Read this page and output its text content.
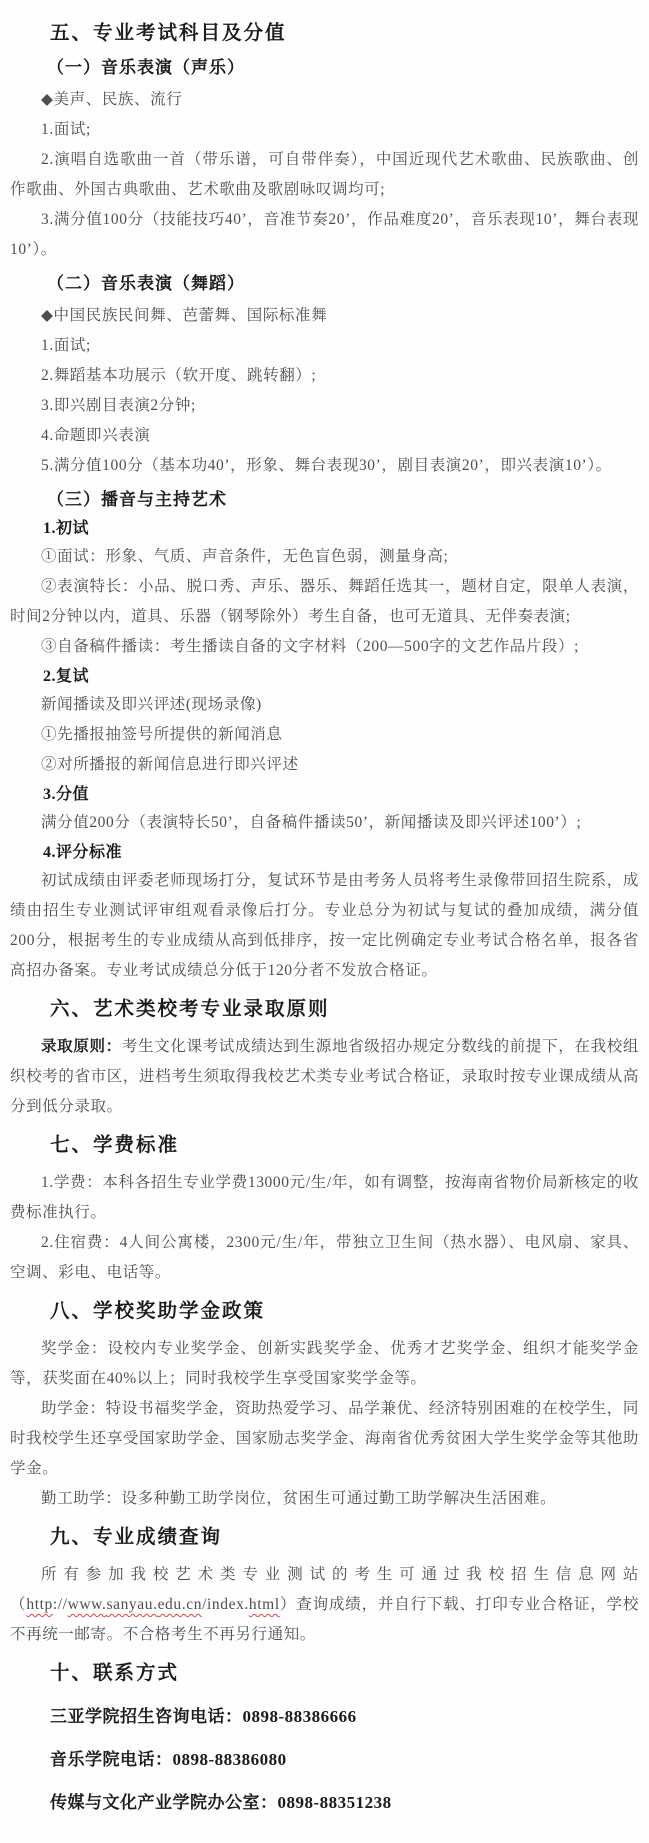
五、专业考试科目及分值
（一）音乐表演（声乐）

◆美声、民族、流行

1.面试;

2.演唱自选歌曲一首（带乐谱，可自带伴奏），中国近现代艺术歌曲、民族歌曲、创作歌曲、外国古典歌曲、艺术歌曲及歌剧咏叹调均可;

3.满分值100分（技能技巧40’，音准节奏20’，作品难度20’，音乐表现10’，舞台表现10’）。

（二）音乐表演（舞蹈）

◆中国民族民间舞、芭蕾舞、国际标准舞

1.面试;

2.舞蹈基本功展示（软开度、跳转翻）;

3.即兴剧目表演2分钟;

4.命题即兴表演

5.满分值100分（基本功40’，形象、舞台表现30’，剧目表演20’，即兴表演10’）。

（三）播音与主持艺术
1.初试

①面试：形象、气质、声音条件，无色盲色弱，测量身高;

②表演特长：小品、脱口秀、声乐、器乐、舞蹈任选其一，题材自定，限单人表演，时间2分钟以内，道具、乐器（钢琴除外）考生自备，也可无道具、无伴奏表演;

③自备稿件播读：考生播读自备的文字材料（200—500字的文艺作品片段）;

2.复试

新闻播读及即兴评述(现场录像)

①先播报抽签号所提供的新闻消息

②对所播报的新闻信息进行即兴评述

3.分值

满分值200分（表演特长50’，自备稿件播读50’，新闻播读及即兴评述100’）;

4.评分标准

初试成绩由评委老师现场打分，复试环节是由考务人员将考生录像带回招生院系，成绩由招生专业测试评审组观看录像后打分。专业总分为初试与复试的叠加成绩，满分值200分，根据考生的专业成绩从高到低排序，按一定比例确定专业考试合格名单，报各省高招办备案。专业考试成绩总分低于120分者不发放合格证。

六、艺术类校考专业录取原则

录取原则：考生文化课考试成绩达到生源地省级招办规定分数线的前提下，在我校组织校考的省市区，进档考生须取得我校艺术类专业考试合格证，录取时按专业课成绩从高分到低分录取。

七、学费标准

1.学费：本科各招生专业学费13000元/生/年，如有调整，按海南省物价局新核定的收费标准执行。

2.住宿费：4人间公寓楼，2300元/生/年，带独立卫生间（热水器）、电风扇、家具、空调、彩电、电话等。

八、学校奖助学金政策

奖学金：设校内专业奖学金、创新实践奖学金、优秀才艺奖学金、组织才能奖学金等，获奖面在40%以上；同时我校学生享受国家奖学金等。

助学金：特设书福奖学金，资助热爱学习、品学兼优、经济特别困难的在校学生，同时我校学生还享受国家助学金、国家励志奖学金、海南省优秀贫困大学生奖学金等其他助学金。

勤工助学：设多种勤工助学岗位，贫困生可通过勤工助学解决生活困难。

九、专业成绩查询

所有参加我校艺术类专业测试的考生可通过我校招生信息网站（http://www.sanyau.edu.cn/index.html）查询成绩，并自行下载、打印专业合格证，学校不再统一邮寄。不合格考生不再另行通知。

十、联系方式

三亚学院招生咨询电话：0898-88386666

音乐学院电话：0898-88386080

传媒与文化产业学院办公室：0898-88351238
